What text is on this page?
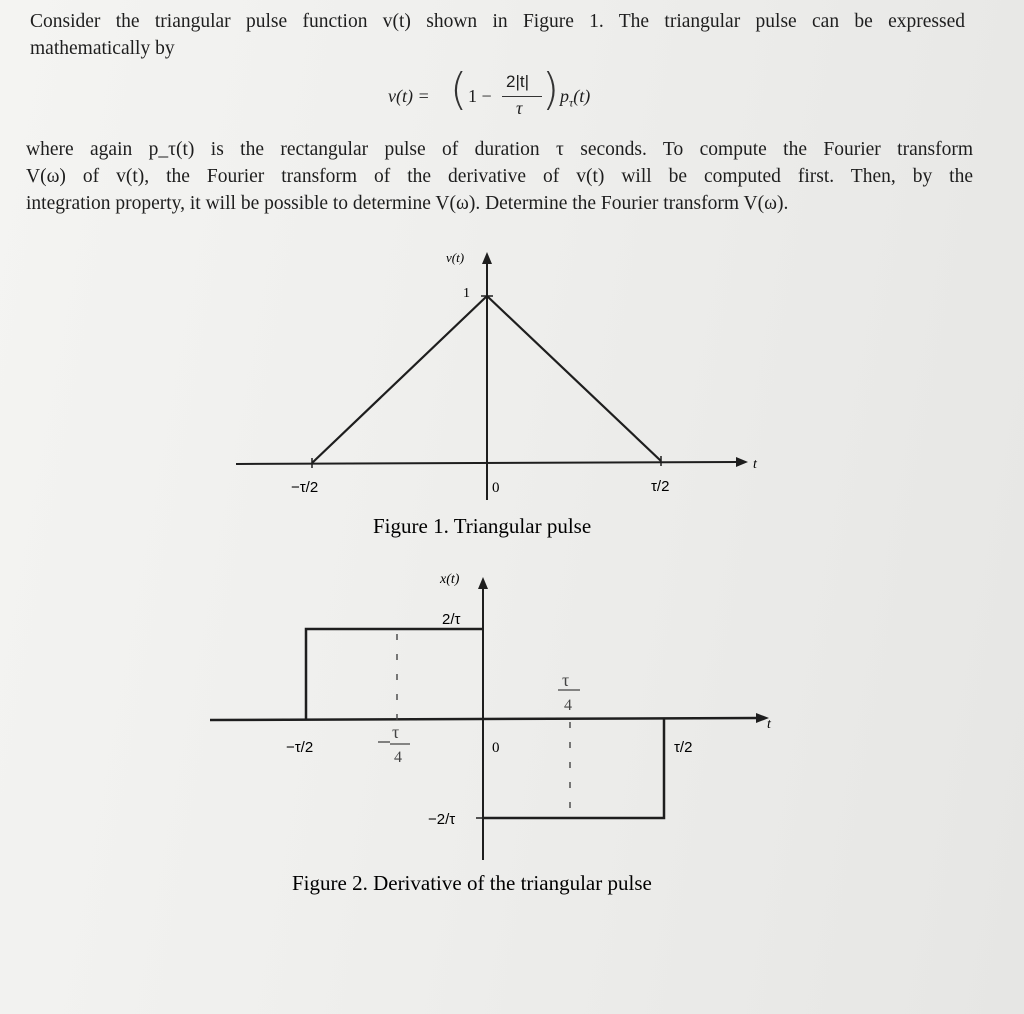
Consider the triangular pulse function v(t) shown in Figure 1. The triangular pulse can be expressed
mathematically by
v(t) = ( 1 −
2|t|
τ ) $p_\tau(t)$
where again p_τ(t) is the rectangular pulse of duration τ seconds. To compute the Fourier transform
V(ω) of v(t), the Fourier transform of the derivative of v(t) will be computed first. Then, by the
integration property, it will be possible to determine V(ω). Determine the Fourier transform V(ω).
v(t)
1
t
−τ/2	0	τ/2
Figure 1. Triangular pulse
x(t)
2/τ
−2/τ
t
−τ/2	0	τ/2
τ
4
τ
4
Figure 2. Derivative of the triangular pulse
